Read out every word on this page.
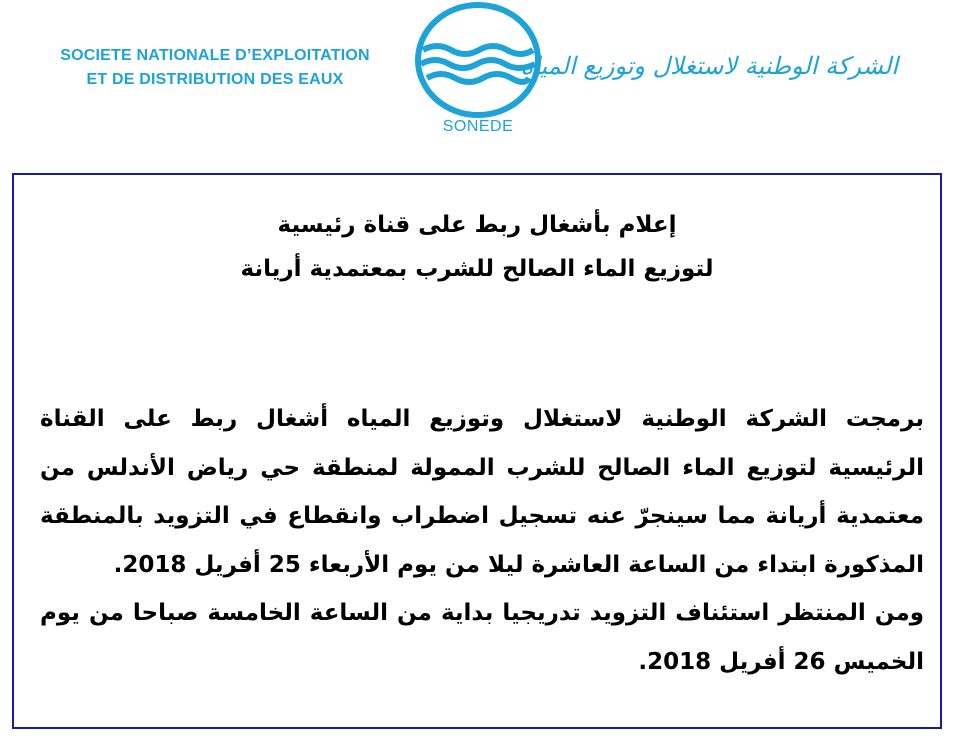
SOCIETE NATIONALE D’EXPLOITATION
ET DE DISTRIBUTION DES EAUX
SONEDE
الشركة الوطنية لاستغلال وتوزيع المياه
إعلام بأشغال ربط على قناة رئيسية
لتوزيع الماء الصالح للشرب بمعتمدية أريانة

برمجت الشركة الوطنية لاستغلال وتوزيع المياه أشغال ربط على القناة الرئيسية لتوزيع الماء الصالح للشرب الممولة لمنطقة حي رياض الأندلس من معتمدية أريانة مما سينجرّ عنه تسجيل اضطراب وانقطاع في التزويد بالمنطقة المذكورة ابتداء من الساعة العاشرة ليلا من يوم الأربعاء 25 أفريل 2018.

ومن المنتظر استئناف التزويد تدريجيا بداية من الساعة الخامسة صباحا من يوم الخميس 26 أفريل 2018.
